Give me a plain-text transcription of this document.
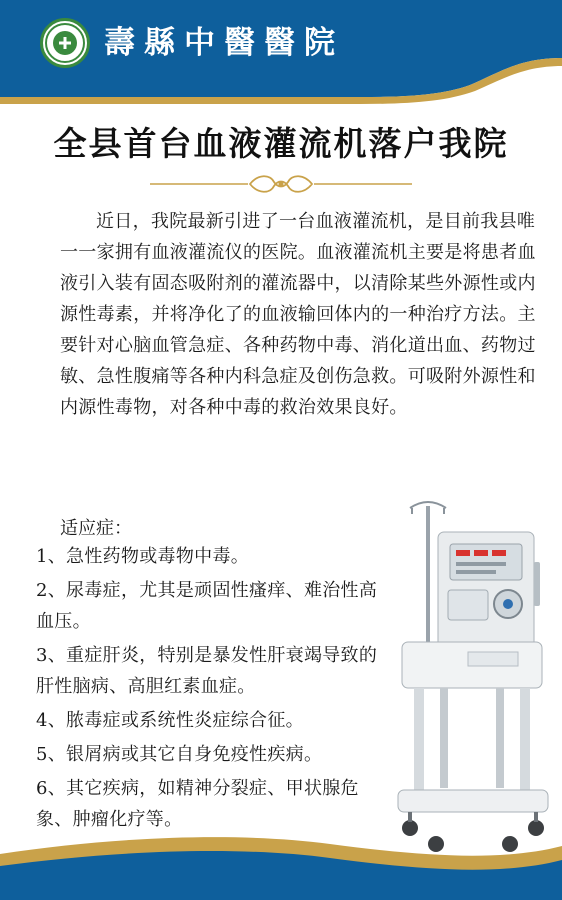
壽縣中醫醫院
全县首台血液灌流机落户我院

近日，我院最新引进了一台血液灌流机，是目前我县唯一一家拥有血液灌流仪的医院。血液灌流机主要是将患者血液引入装有固态吸附剂的灌流器中，以清除某些外源性或内源性毒素，并将净化了的血液输回体内的一种治疗方法。主要针对心脑血管急症、各种药物中毒、消化道出血、药物过敏、急性腹痛等各种内科急症及创伤急救。可吸附外源性和内源性毒物，对各种中毒的救治效果良好。

适应症：
1、急性药物或毒物中毒。
2、尿毒症，尤其是顽固性瘙痒、难治性高血压。
3、重症肝炎，特别是暴发性肝衰竭导致的肝性脑病、高胆红素血症。
4、脓毒症或系统性炎症综合征。
5、银屑病或其它自身免疫性疾病。
6、其它疾病，如精神分裂症、甲状腺危象、肿瘤化疗等。
